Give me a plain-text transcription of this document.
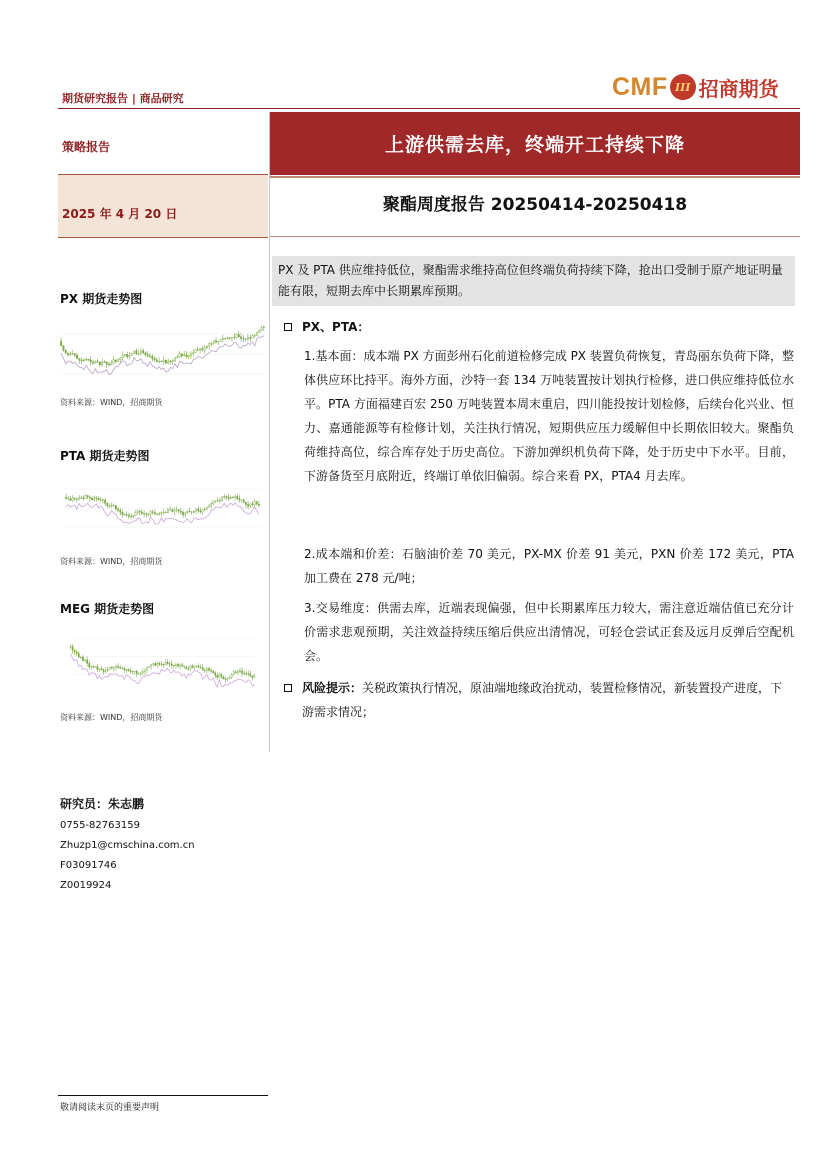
期货研究报告 | 商品研究	CMF III 招商期货
策略报告
2025 年 4 月 20 日
上游供需去库，终端开工持续下降
聚酯周度报告 20250414-20250418
PX 及 PTA 供应维持低位，聚酯需求维持高位但终端负荷持续下降，抢出口受制于原产地证明量能有限，短期去库中长期累库预期。
PX、PTA：
1.基本面：成本端 PX 方面彭州石化前道检修完成 PX 装置负荷恢复，青岛丽东负荷下降，整体供应环比持平。海外方面，沙特一套 134 万吨装置按计划执行检修，进口供应维持低位水平。PTA 方面福建百宏 250 万吨装置本周末重启，四川能投按计划检修，后续台化兴业、恒力、嘉通能源等有检修计划，关注执行情况，短期供应压力缓解但中长期依旧较大。聚酯负荷维持高位，综合库存处于历史高位。下游加弹织机负荷下降，处于历史中下水平。目前，下游备货至月底附近，终端订单依旧偏弱。综合来看 PX，PTA4 月去库。
2.成本端和价差：石脑油价差 70 美元，PX-MX 价差 91 美元，PXN 价差 172 美元，PTA 加工费在 278 元/吨；
3.交易维度：供需去库，近端表现偏强，但中长期累库压力较大，需注意近端估值已充分计价需求悲观预期，关注效益持续压缩后供应出清情况，可轻仓尝试正套及远月反弹后空配机会。
风险提示：关税政策执行情况，原油端地缘政治扰动，装置检修情况，新装置投产进度，下游需求情况；
PX 期货走势图
资料来源：WIND，招商期货
PTA 期货走势图
资料来源：WIND，招商期货
MEG 期货走势图
资料来源：WIND，招商期货
研究员：朱志鹏
0755-82763159
Zhuzp1@cmschina.com.cn
F03091746
Z0019924
敬请阅读末页的重要声明
